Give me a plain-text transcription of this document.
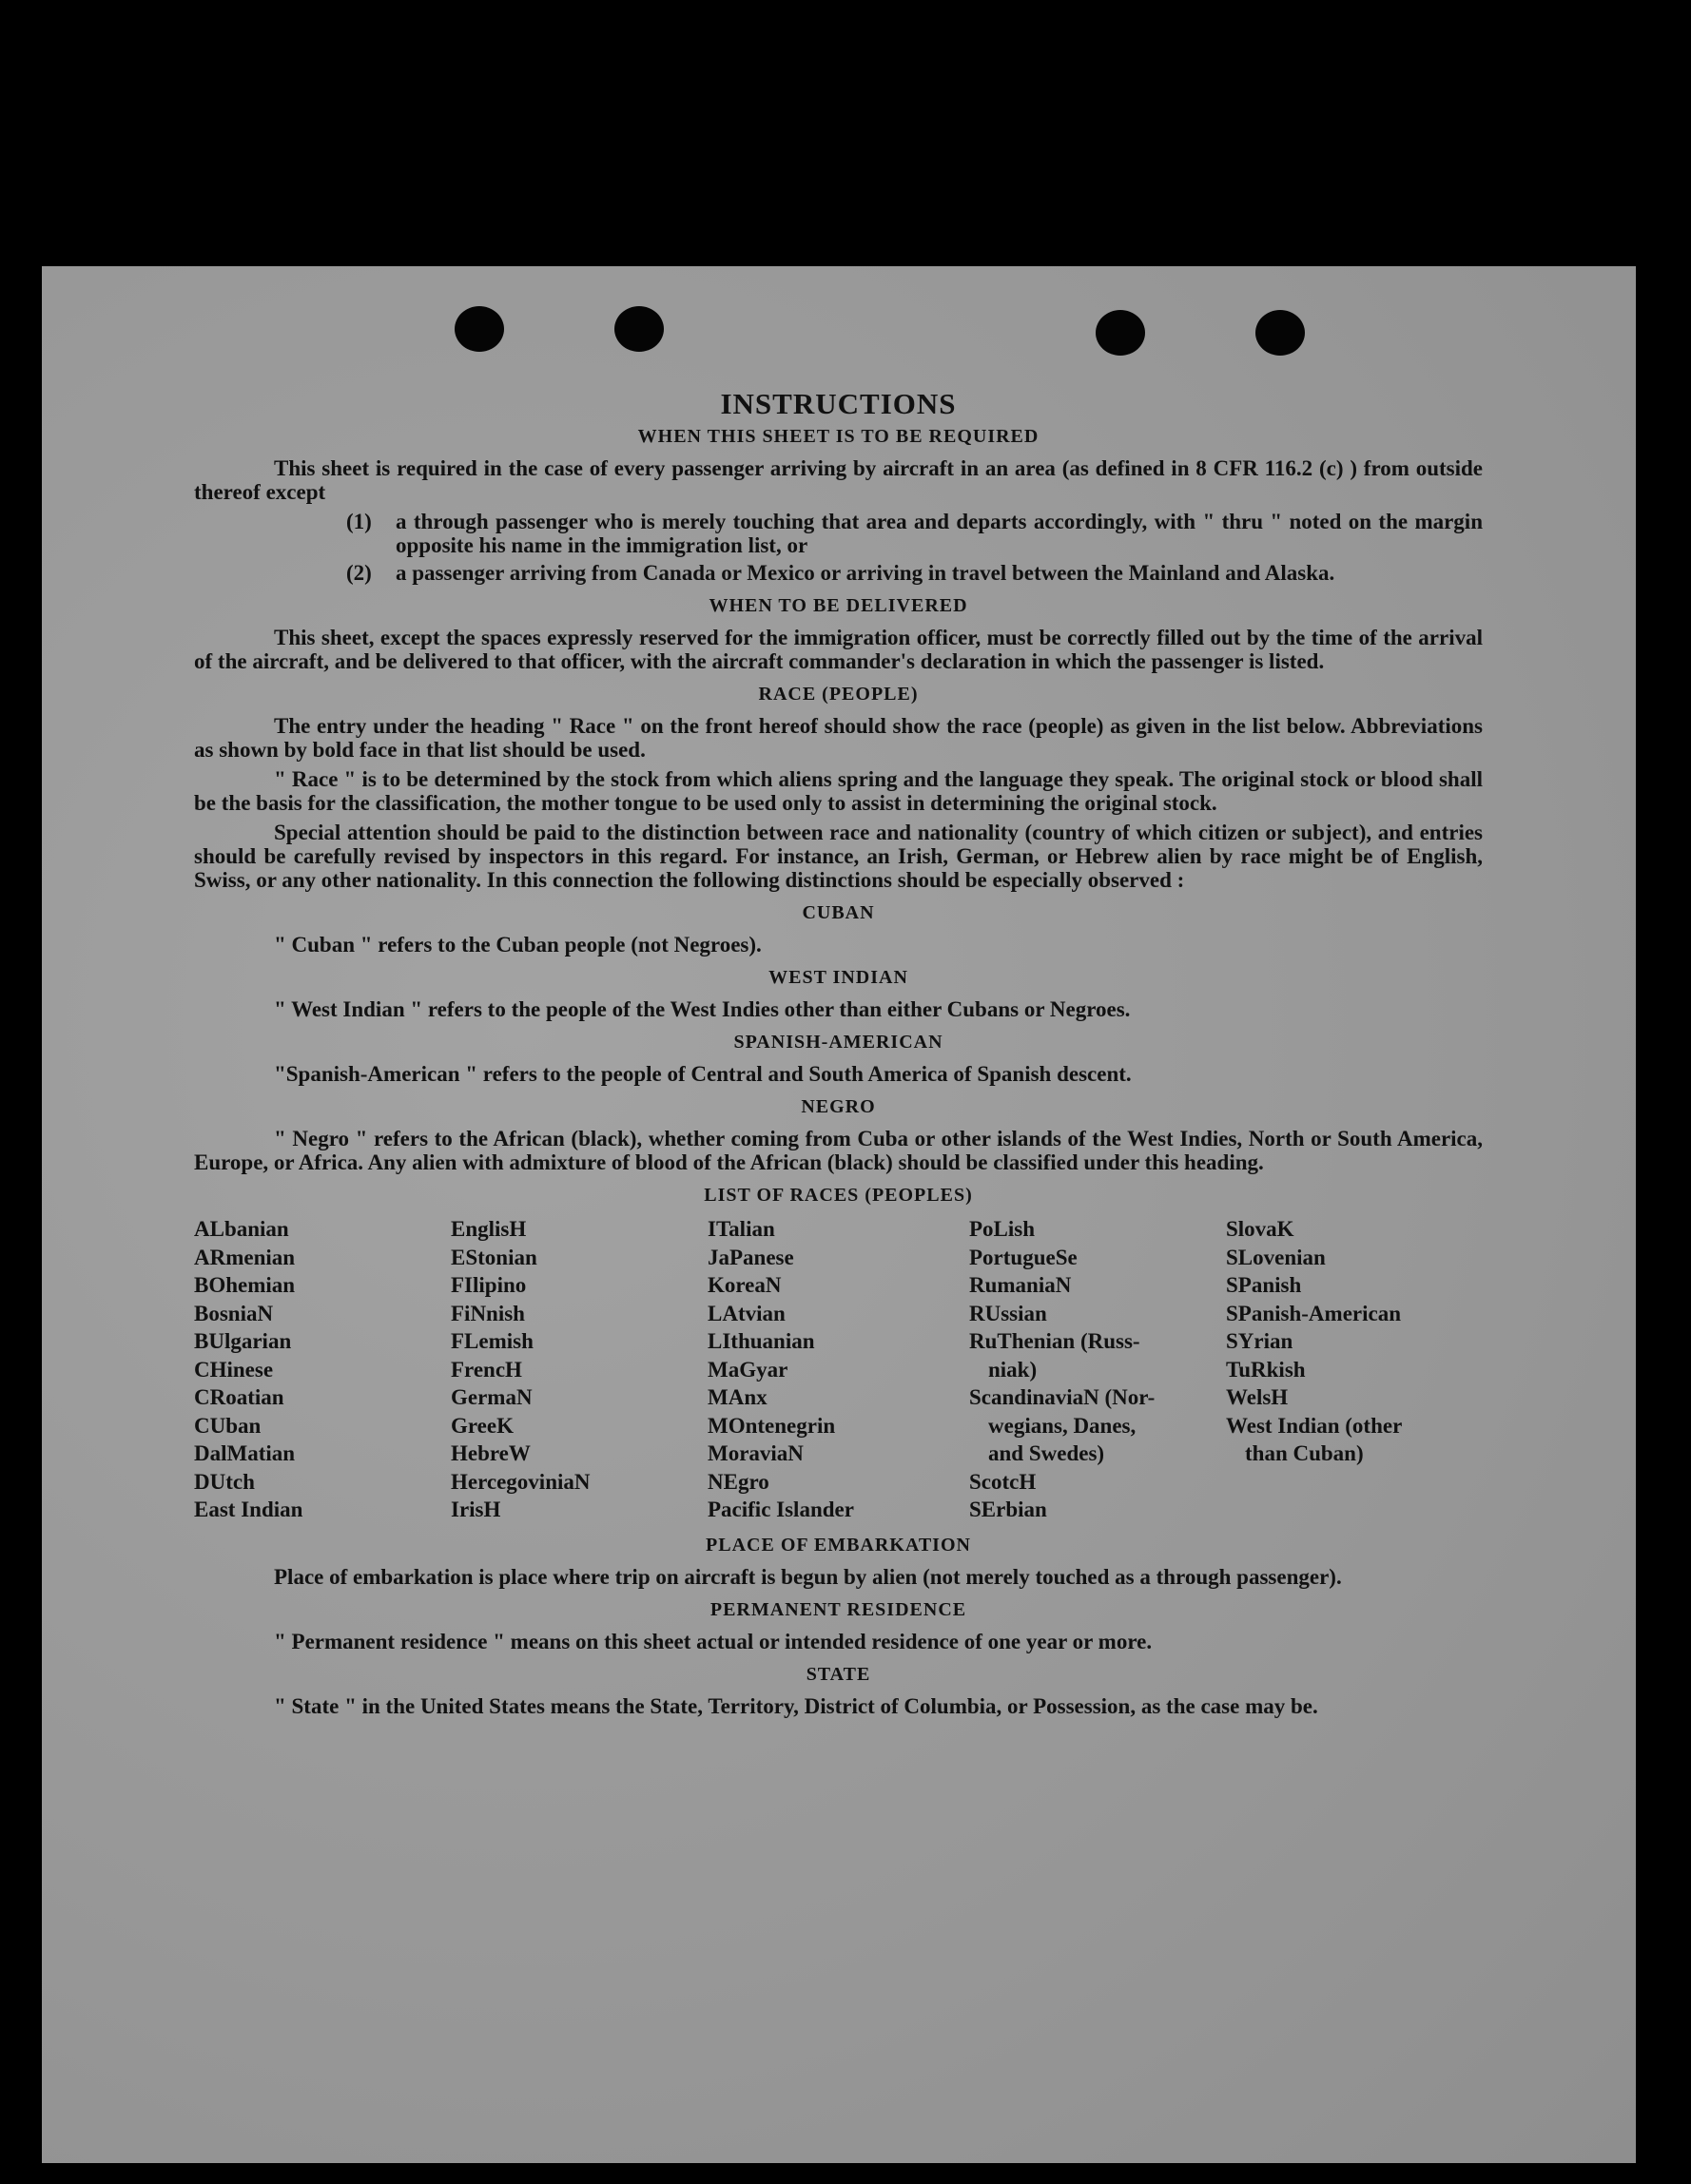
INSTRUCTIONS
WHEN THIS SHEET IS TO BE REQUIRED

This sheet is required in the case of every passenger arriving by aircraft in an area (as defined in 8 CFR 116.2 (c) ) from outside thereof except

(1)	a through passenger who is merely touching that area and departs accordingly, with " thru " noted on the margin opposite his name in the immigration list, or
(2)	a passenger arriving from Canada or Mexico or arriving in travel between the Mainland and Alaska.
WHEN TO BE DELIVERED

This sheet, except the spaces expressly reserved for the immigration officer, must be correctly filled out by the time of the arrival of the aircraft, and be delivered to that officer, with the aircraft commander's declaration in which the passenger is listed.

RACE (PEOPLE)

The entry under the heading " Race " on the front hereof should show the race (people) as given in the list below. Abbreviations as shown by bold face in that list should be used.

" Race " is to be determined by the stock from which aliens spring and the language they speak. The original stock or blood shall be the basis for the classification, the mother tongue to be used only to assist in determining the original stock.

Special attention should be paid to the distinction between race and nationality (country of which citizen or subject), and entries should be carefully revised by inspectors in this regard. For instance, an Irish, German, or Hebrew alien by race might be of English, Swiss, or any other nationality. In this connection the following distinctions should be especially observed :

CUBAN

" Cuban " refers to the Cuban people (not Negroes).

WEST INDIAN

" West Indian " refers to the people of the West Indies other than either Cubans or Negroes.

SPANISH-AMERICAN

"Spanish-American " refers to the people of Central and South America of Spanish descent.

NEGRO

" Negro " refers to the African (black), whether coming from Cuba or other islands of the West Indies, North or South America, Europe, or Africa. Any alien with admixture of blood of the African (black) should be classified under this heading.

LIST OF RACES (PEOPLES)
ALbanian	EnglisH	ITalian	PoLish	SlovaK
ARmenian	EStonian	JaPanese	PortugueSe	SLovenian
BOhemian	FIlipino	KoreaN	RumaniaN	SPanish
BosniaN	FiNnish	LAtvian	RUssian	SPanish-American
BUlgarian	FLemish	LIthuanian	RuThenian (Russ-	SYrian
CHinese	FrencH	MaGyar	niak)	TuRkish
CRoatian	GermaN	MAnx	ScandinaviaN (Nor-	WelsH
CUban	GreeK	MOntenegrin	wegians, Danes,	West Indian (other
DalMatian	HebreW	MoraviaN	and Swedes)	than Cuban)
DUtch	HercegoviniaN	NEgro	ScotcH
East Indian	IrisH	Pacific Islander	SErbian
PLACE OF EMBARKATION

Place of embarkation is place where trip on aircraft is begun by alien (not merely touched as a through passenger).

PERMANENT RESIDENCE

" Permanent residence " means on this sheet actual or intended residence of one year or more.

STATE

" State " in the United States means the State, Territory, District of Columbia, or Possession, as the case may be.
